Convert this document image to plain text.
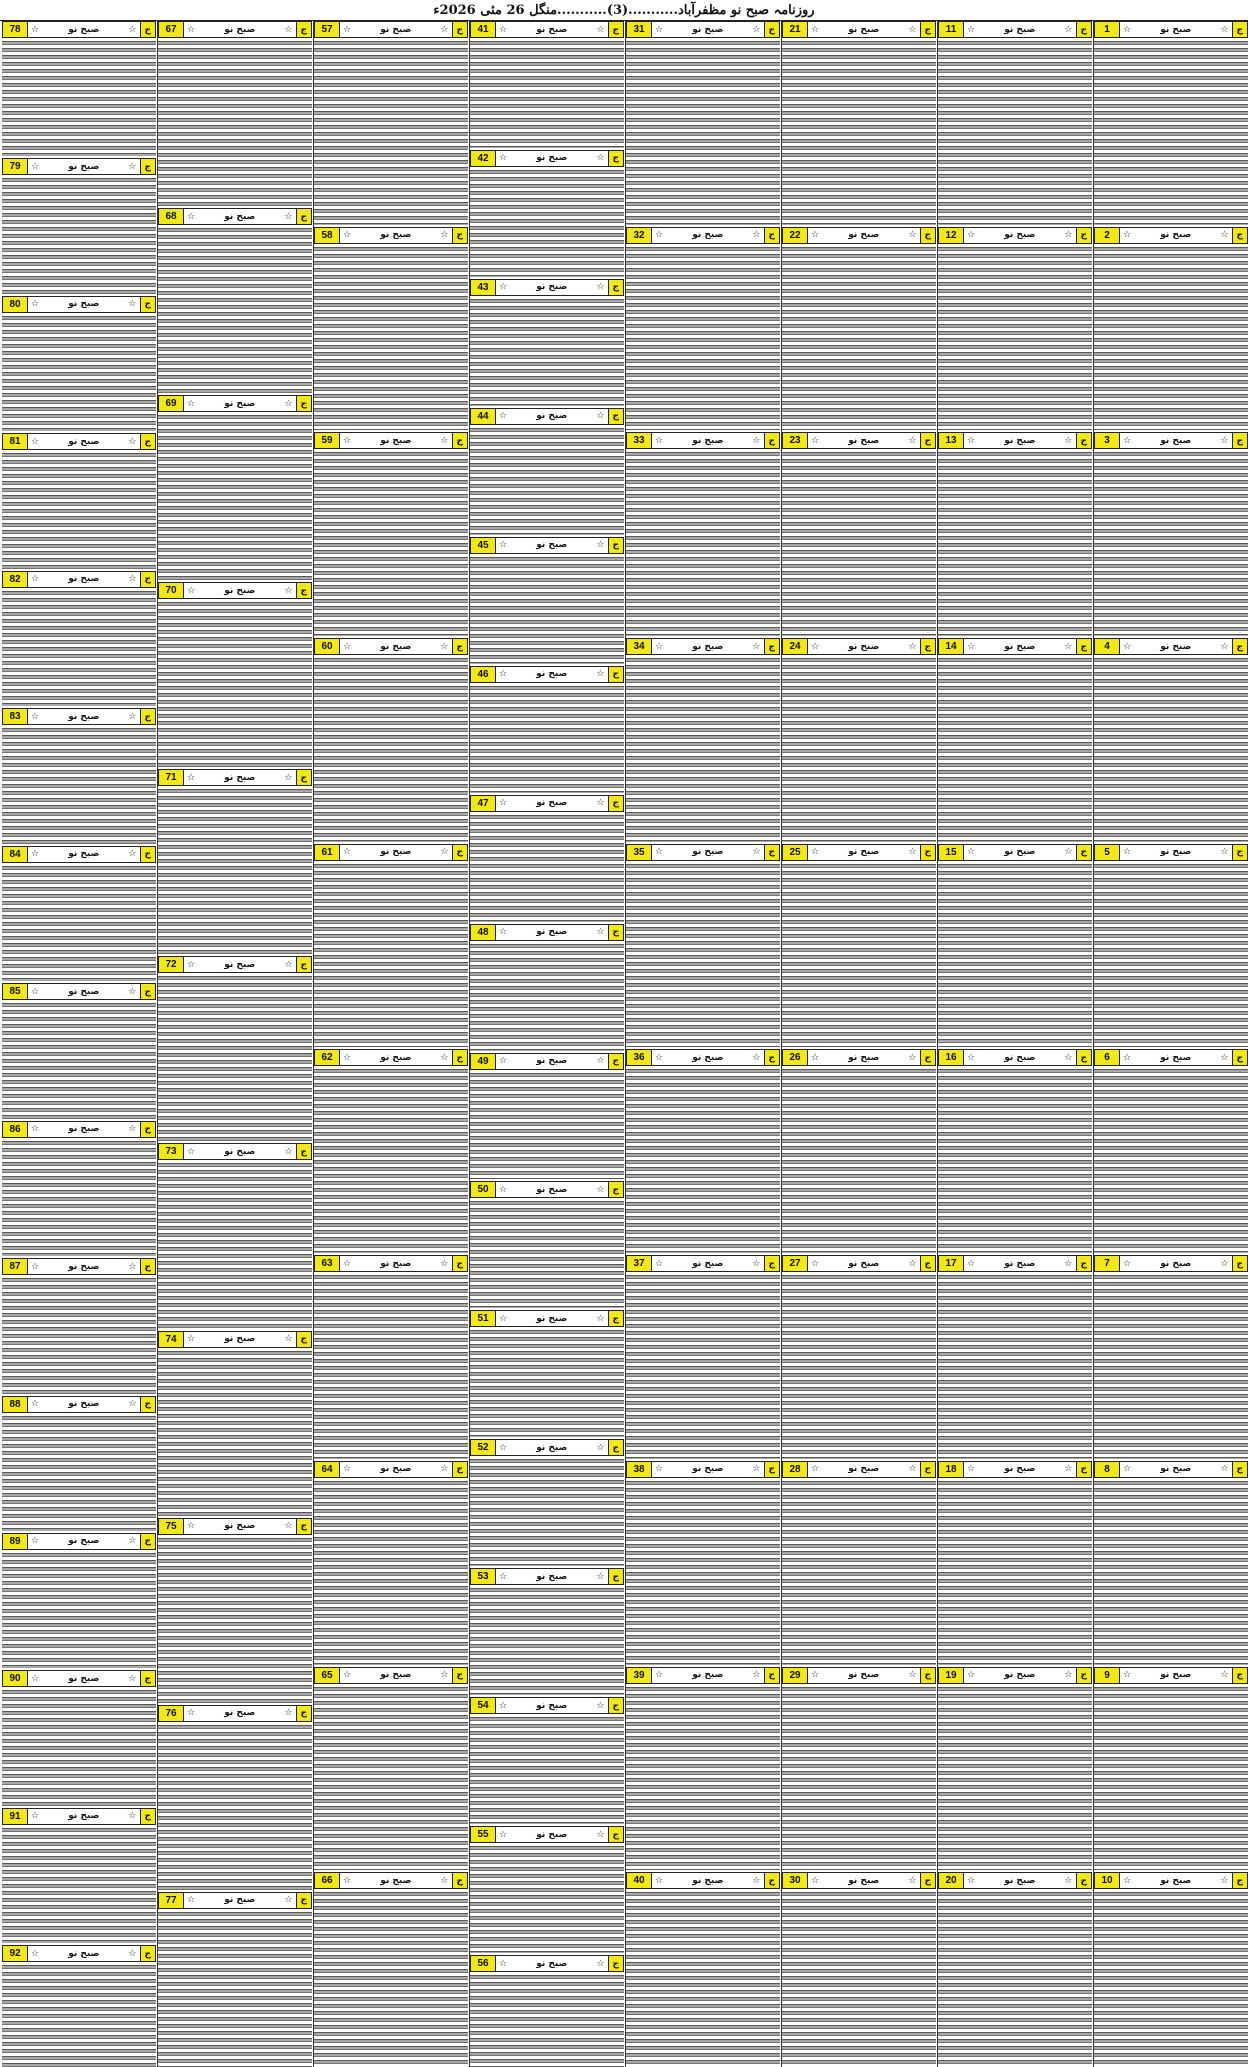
روزنامہ صبح نو مظفرآباد...........(3)...........منگل 26 مئی 2026ء
1	☆	صبح نو	☆ ج
2	☆	صبح نو	☆ ج
3	☆	صبح نو	☆ ج
4	☆	صبح نو	☆ ج
5	☆	صبح نو	☆ ج
6	☆	صبح نو	☆ ج
7	☆	صبح نو	☆ ج
8	☆	صبح نو	☆ ج
9	☆	صبح نو	☆ ج
10	☆	صبح نو	☆ ج
11	☆	صبح نو	☆ ج
12	☆	صبح نو	☆ ج
13	☆	صبح نو	☆ ج
14	☆	صبح نو	☆ ج
15	☆	صبح نو	☆ ج
16	☆	صبح نو	☆ ج
17	☆	صبح نو	☆ ج
18	☆	صبح نو	☆ ج
19	☆	صبح نو	☆ ج
20	☆	صبح نو	☆ ج
21	☆	صبح نو	☆ ج
22	☆	صبح نو	☆ ج
23	☆	صبح نو	☆ ج
24	☆	صبح نو	☆ ج
25	☆	صبح نو	☆ ج
26	☆	صبح نو	☆ ج
27	☆	صبح نو	☆ ج
28	☆	صبح نو	☆ ج
29	☆	صبح نو	☆ ج
30	☆	صبح نو	☆ ج
31	☆	صبح نو	☆ ج
32	☆	صبح نو	☆ ج
33	☆	صبح نو	☆ ج
34	☆	صبح نو	☆ ج
35	☆	صبح نو	☆ ج
36	☆	صبح نو	☆ ج
37	☆	صبح نو	☆ ج
38	☆	صبح نو	☆ ج
39	☆	صبح نو	☆ ج
40	☆	صبح نو	☆ ج
41	☆	صبح نو	☆ ج
42	☆	صبح نو	☆ ج
43	☆	صبح نو	☆ ج
44	☆	صبح نو	☆ ج
45	☆	صبح نو	☆ ج
46	☆	صبح نو	☆ ج
47	☆	صبح نو	☆ ج
48	☆	صبح نو	☆ ج
49	☆	صبح نو	☆ ج
50	☆	صبح نو	☆ ج
51	☆	صبح نو	☆ ج
52	☆	صبح نو	☆ ج
53	☆	صبح نو	☆ ج
54	☆	صبح نو	☆ ج
55	☆	صبح نو	☆ ج
56	☆	صبح نو	☆ ج
57	☆	صبح نو	☆ ج
58	☆	صبح نو	☆ ج
59	☆	صبح نو	☆ ج
60	☆	صبح نو	☆ ج
61	☆	صبح نو	☆ ج
62	☆	صبح نو	☆ ج
63	☆	صبح نو	☆ ج
64	☆	صبح نو	☆ ج
65	☆	صبح نو	☆ ج
66	☆	صبح نو	☆ ج
67	☆	صبح نو	☆ ج
68	☆	صبح نو	☆ ج
69	☆	صبح نو	☆ ج
70	☆	صبح نو	☆ ج
71	☆	صبح نو	☆ ج
72	☆	صبح نو	☆ ج
73	☆	صبح نو	☆ ج
74	☆	صبح نو	☆ ج
75	☆	صبح نو	☆ ج
76	☆	صبح نو	☆ ج
77	☆	صبح نو	☆ ج
78	☆	صبح نو	☆ ج
79	☆	صبح نو	☆ ج
80	☆	صبح نو	☆ ج
81	☆	صبح نو	☆ ج
82	☆	صبح نو	☆ ج
83	☆	صبح نو	☆ ج
84	☆	صبح نو	☆ ج
85	☆	صبح نو	☆ ج
86	☆	صبح نو	☆ ج
87	☆	صبح نو	☆ ج
88	☆	صبح نو	☆ ج
89	☆	صبح نو	☆ ج
90	☆	صبح نو	☆ ج
91	☆	صبح نو	☆ ج
92	☆	صبح نو	☆ ج
